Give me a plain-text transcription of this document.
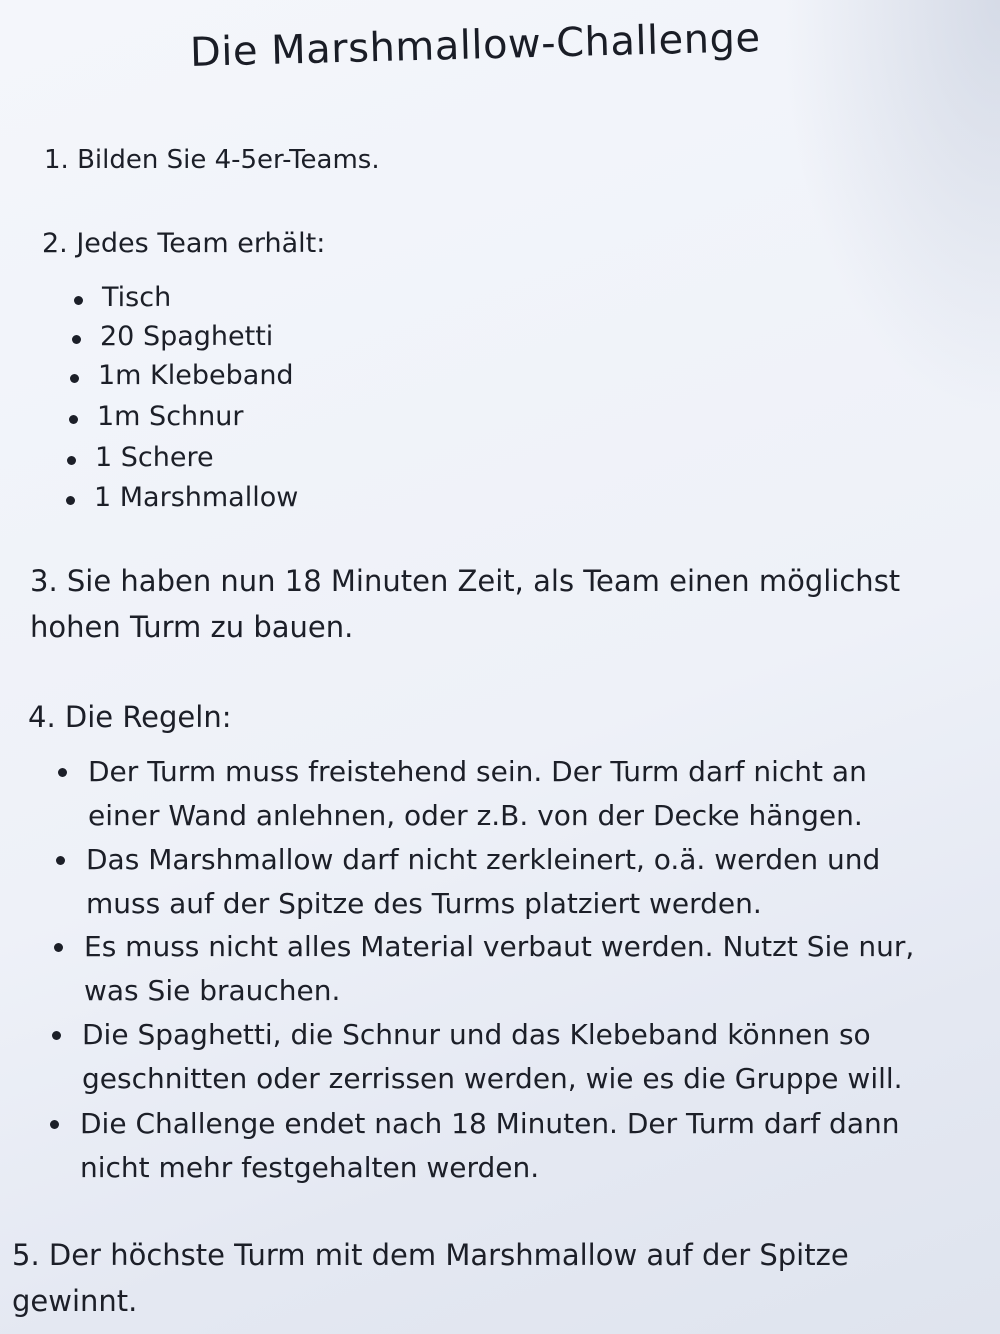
Die Marshmallow-Challenge
1. Bilden Sie 4-5er-Teams.
2. Jedes Team erhält:
Tisch
20 Spaghetti
1m Klebeband
1m Schnur
1 Schere
1 Marshmallow
3. Sie haben nun 18 Minuten Zeit, als Team einen möglichst
hohen Turm zu bauen.
4. Die Regeln:
Der Turm muss freistehend sein. Der Turm darf nicht an
einer Wand anlehnen, oder z.B. von der Decke hängen.
Das Marshmallow darf nicht zerkleinert, o.ä. werden und
muss auf der Spitze des Turms platziert werden.
Es muss nicht alles Material verbaut werden. Nutzt Sie nur,
was Sie brauchen.
Die Spaghetti, die Schnur und das Klebeband können so
geschnitten oder zerrissen werden, wie es die Gruppe will.
Die Challenge endet nach 18 Minuten. Der Turm darf dann
nicht mehr festgehalten werden.
5. Der höchste Turm mit dem Marshmallow auf der Spitze
gewinnt.
